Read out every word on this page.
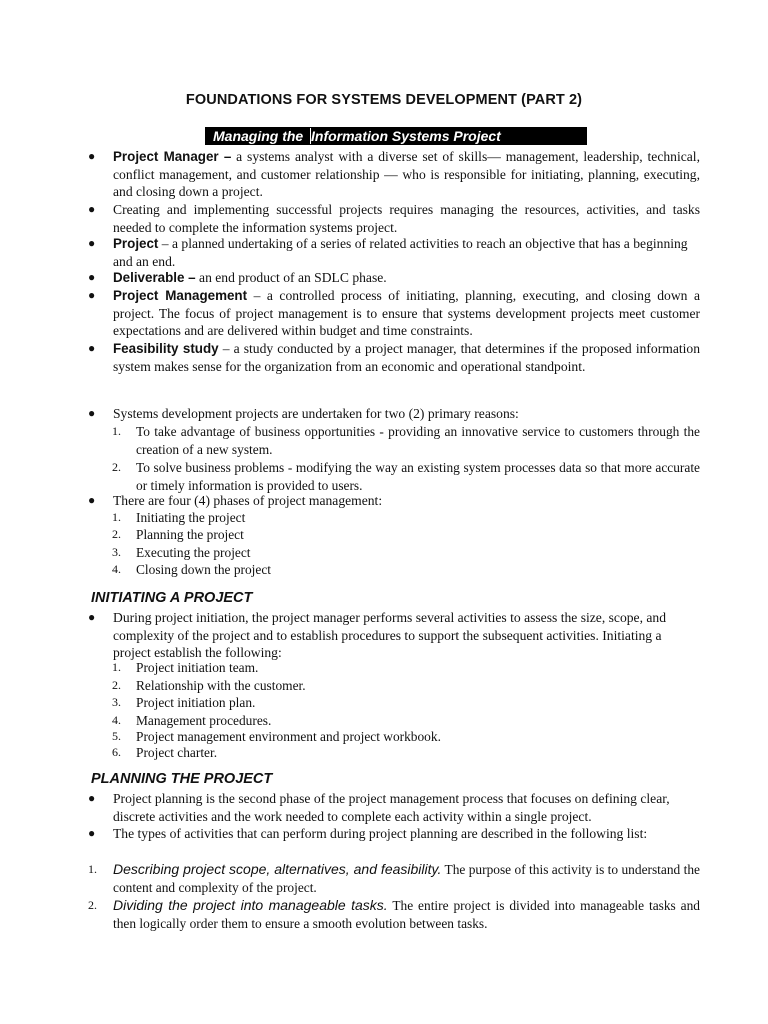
FOUNDATIONS FOR SYSTEMS DEVELOPMENT (PART 2)
Managing the Information Systems Project
● Project Manager – a systems analyst with a diverse set of skills— management, leadership, technical, conflict management, and customer relationship — who is responsible for initiating, planning, executing, and closing down a project.
● Creating and implementing successful projects requires managing the resources, activities, and tasks needed to complete the information systems project.
● Project – a planned undertaking of a series of related activities to reach an objective that has a beginning and an end.
● Deliverable – an end product of an SDLC phase.
● Project Management – a controlled process of initiating, planning, executing, and closing down a project. The focus of project management is to ensure that systems development projects meet customer expectations and are delivered within budget and time constraints.
● Feasibility study – a study conducted by a project manager, that determines if the proposed information system makes sense for the organization from an economic and operational standpoint.
● Systems development projects are undertaken for two (2) primary reasons:
1. To take advantage of business opportunities - providing an innovative service to customers through the creation of a new system.
2. To solve business problems - modifying the way an existing system processes data so that more accurate or timely information is provided to users.
● There are four (4) phases of project management:
1. Initiating the project
2. Planning the project
3. Executing the project
4. Closing down the project
INITIATING A PROJECT
● During project initiation, the project manager performs several activities to assess the size, scope, and complexity of the project and to establish procedures to support the subsequent activities. Initiating a project establish the following:
1. Project initiation team.
2. Relationship with the customer.
3. Project initiation plan.
4. Management procedures.
5. Project management environment and project workbook.
6. Project charter.
PLANNING THE PROJECT
● Project planning is the second phase of the project management process that focuses on defining clear, discrete activities and the work needed to complete each activity within a single project.
● The types of activities that can perform during project planning are described in the following list:
1. Describing project scope, alternatives, and feasibility. The purpose of this activity is to understand the content and complexity of the project.
2. Dividing the project into manageable tasks. The entire project is divided into manageable tasks and then logically order them to ensure a smooth evolution between tasks.
